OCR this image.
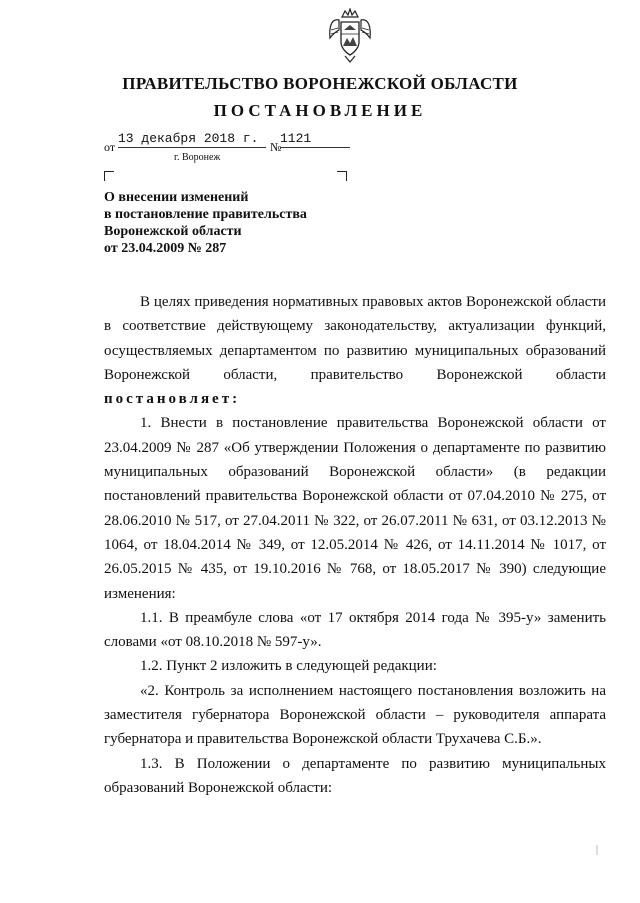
ПРАВИТЕЛЬСТВО ВОРОНЕЖСКОЙ ОБЛАСТИ
ПОСТАНОВЛЕНИЕ
от
13 декабря 2018 г.
№
1121
г. Воронеж
О внесении изменений
в постановление правительства
Воронежской области
от 23.04.2009 № 287

В целях приведения нормативных правовых актов Воронежской области в соответствие действующему законодательству, актуализации функций, осуществляемых департаментом по развитию муниципальных образований Воронежской области, правительство Воронежской области постановляет:

1. Внести в постановление правительства Воронежской области от 23.04.2009 № 287 «Об утверждении Положения о департаменте по развитию муниципальных образований Воронежской области» (в редакции постановлений правительства Воронежской области от 07.04.2010 № 275, от 28.06.2010 № 517, от 27.04.2011 № 322, от 26.07.2011 № 631, от 03.12.2013 № 1064, от 18.04.2014 № 349, от 12.05.2014 № 426, от 14.11.2014 № 1017, от 26.05.2015 № 435, от 19.10.2016 № 768, от 18.05.2017 № 390) следующие изменения:

1.1. В преамбуле слова «от 17 октября 2014 года № 395-у» заменить словами «от 08.10.2018 № 597-у».

1.2. Пункт 2 изложить в следующей редакции:

«2. Контроль за исполнением настоящего постановления возложить на заместителя губернатора Воронежской области – руководителя аппарата губернатора и правительства Воронежской области Трухачева С.Б.».

1.3. В Положении о департаменте по развитию муниципальных образований Воронежской области:
